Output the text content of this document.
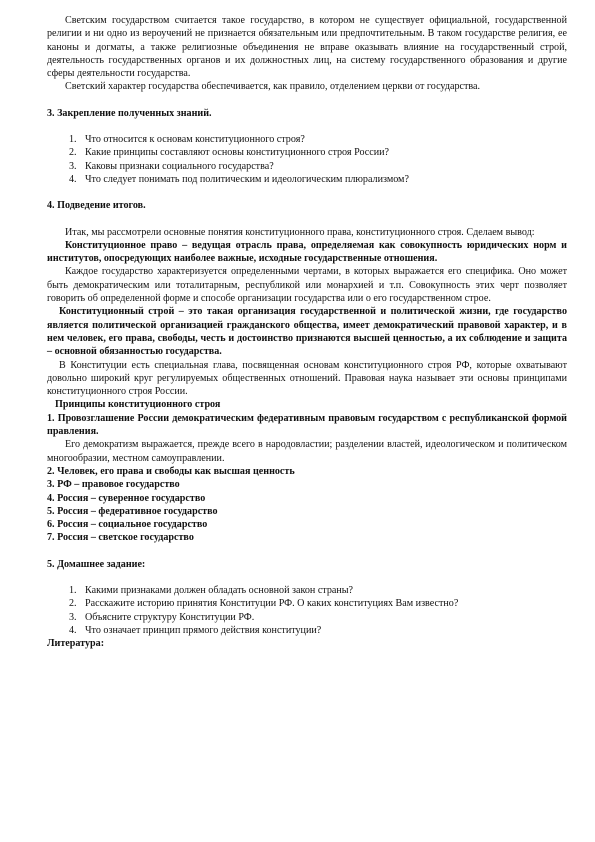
Светским государством считается такое государство, в котором не существует официальной, государственной религии и ни одно из вероучений не признается обязательным или предпочтительным. В таком государстве религия, ее каноны и догматы, а также религиозные объединения не вправе оказывать влияние на государственный строй, деятельность государственных органов и их должностных лиц, на систему государственного образования и другие сферы деятельности государства.

Светский характер государства обеспечивается, как правило, отделением церкви от государства.

3. Закрепление полученных знаний.

1. Что относится к основам конституционного строя?
2. Какие принципы составляют основы конституционного строя России?
3. Каковы признаки социального государства?
4. Что следует понимать под политическим и идеологическим плюрализмом?

4. Подведение итогов.

Итак, мы рассмотрели основные понятия конституционного права, конституционного строя. Сделаем вывод:

Конституционное право – ведущая отрасль права, определяемая как совокупность юридических норм и институтов, опосредующих наиболее важные, исходные государственные отношения.

Каждое государство характеризуется определенными чертами, в которых выражается его специфика. Оно может быть демократическим или тоталитарным, республикой или монархией и т.п. Совокупность этих черт позволяет говорить об определенной форме и способе организации государства или о его государственном строе.

Конституционный строй – это такая организация государственной и политической жизни, где государство является политической организацией гражданского общества, имеет демократический правовой характер, и в нем человек, его права, свободы, честь и достоинство признаются высшей ценностью, а их соблюдение и защита – основной обязанностью государства.

В Конституции есть специальная глава, посвященная основам конституционного строя РФ, которые охватывают довольно широкий круг регулируемых общественных отношений. Правовая наука называет эти основы принципами конституционного строя России.

Принципы конституционного строя

1. Провозглашение России демократическим федеративным правовым государством с республиканской формой правления.

Его демократизм выражается, прежде всего в народовластии; разделении властей, идеологическом и политическом многообразии, местном самоуправлении.

2. Человек, его права и свободы как высшая ценность

3. РФ – правовое государство

4. Россия – суверенное государство

5. Россия – федеративное государство

6. Россия – социальное государство

7. Россия – светское государство

5. Домашнее задание:

1. Какими признаками должен обладать основной закон страны?
2. Расскажите историю принятия Конституции РФ. О каких конституциях Вам известно?
3. Объясните структуру Конституции РФ.
4. Что означает принцип прямого действия конституции?

Литература:
